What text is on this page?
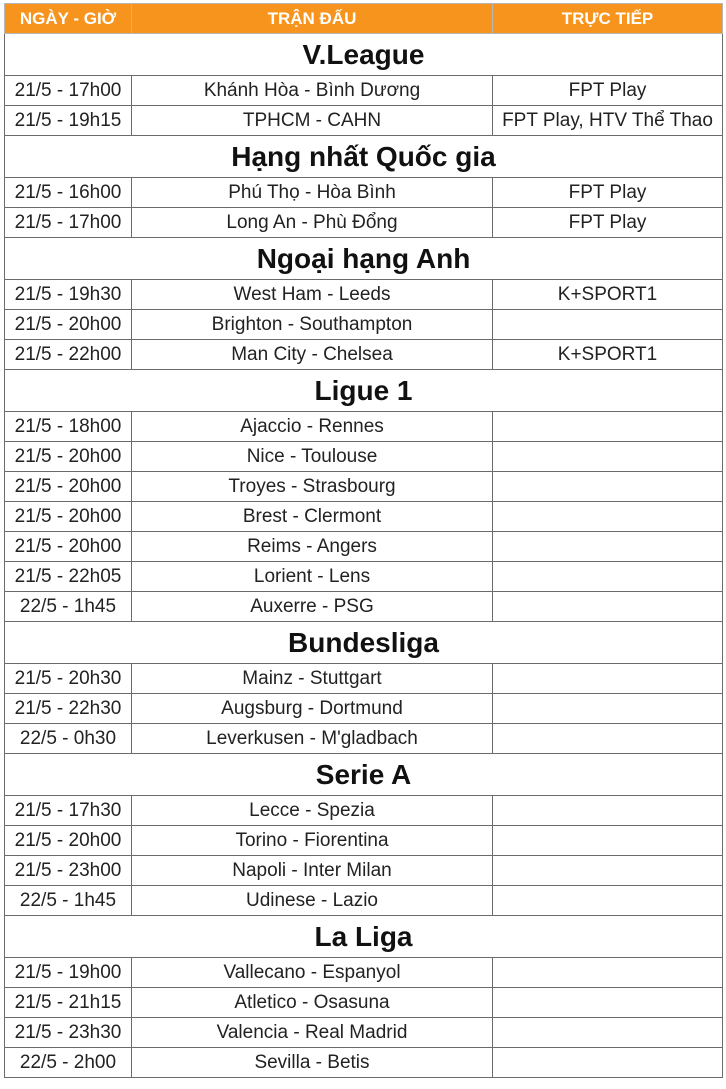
NGÀY - GIỜ	TRẬN ĐẤU	TRỰC TIẾP
V.League		
21/5 - 17h00	Khánh Hòa - Bình Dương	FPT Play
21/5 - 19h15	TPHCM - CAHN	FPT Play, HTV Thể Thao
Hạng nhất Quốc gia		
21/5 - 16h00	Phú Thọ - Hòa Bình	FPT Play
21/5 - 17h00	Long An - Phù Đổng	FPT Play
Ngoại hạng Anh		
21/5 - 19h30	West Ham - Leeds	K+SPORT1
21/5 - 20h00	Brighton - Southampton	
21/5 - 22h00	Man City - Chelsea	K+SPORT1
Ligue 1		
21/5 - 18h00	Ajaccio - Rennes	
21/5 - 20h00	Nice - Toulouse	
21/5 - 20h00	Troyes - Strasbourg	
21/5 - 20h00	Brest - Clermont	
21/5 - 20h00	Reims - Angers	
21/5 - 22h05	Lorient - Lens	
22/5 - 1h45	Auxerre - PSG	
Bundesliga		
21/5 - 20h30	Mainz - Stuttgart	
21/5 - 22h30	Augsburg - Dortmund	
22/5 - 0h30	Leverkusen - M'gladbach	
Serie A		
21/5 - 17h30	Lecce - Spezia	
21/5 - 20h00	Torino - Fiorentina	
21/5 - 23h00	Napoli - Inter Milan	
22/5 - 1h45	Udinese - Lazio	
La Liga		
21/5 - 19h00	Vallecano - Espanyol	
21/5 - 21h15	Atletico - Osasuna	
21/5 - 23h30	Valencia - Real Madrid	
22/5 - 2h00	Sevilla - Betis	
